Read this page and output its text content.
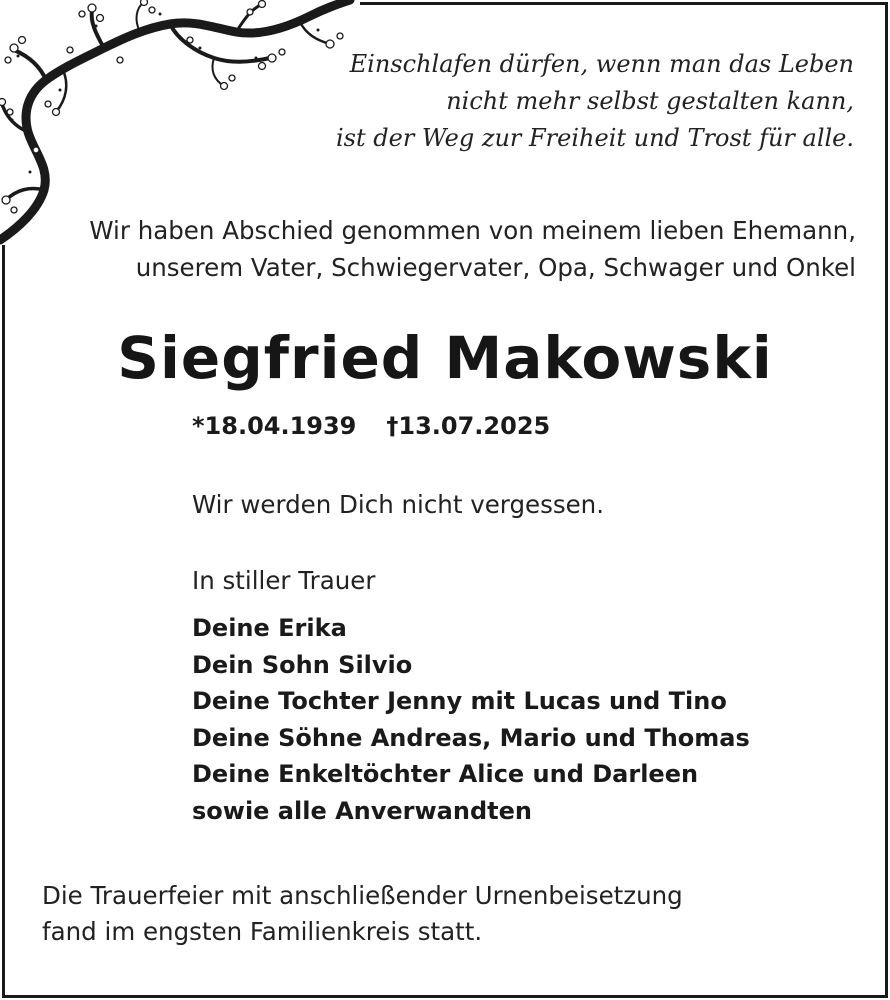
Einschlafen dürfen, wenn man das Leben
nicht mehr selbst gestalten kann,
ist der Weg zur Freiheit und Trost für alle.
Wir haben Abschied genommen von meinem lieben Ehemann,
unserem Vater, Schwiegervater, Opa, Schwager und Onkel
Siegfried Makowski
*18.04.1939 †13.07.2025
Wir werden Dich nicht vergessen.
In stiller Trauer
Deine Erika
Dein Sohn Silvio
Deine Tochter Jenny mit Lucas und Tino
Deine Söhne Andreas, Mario und Thomas
Deine Enkeltöchter Alice und Darleen
sowie alle Anverwandten
Die Trauerfeier mit anschließender Urnenbeisetzung
fand im engsten Familienkreis statt.
